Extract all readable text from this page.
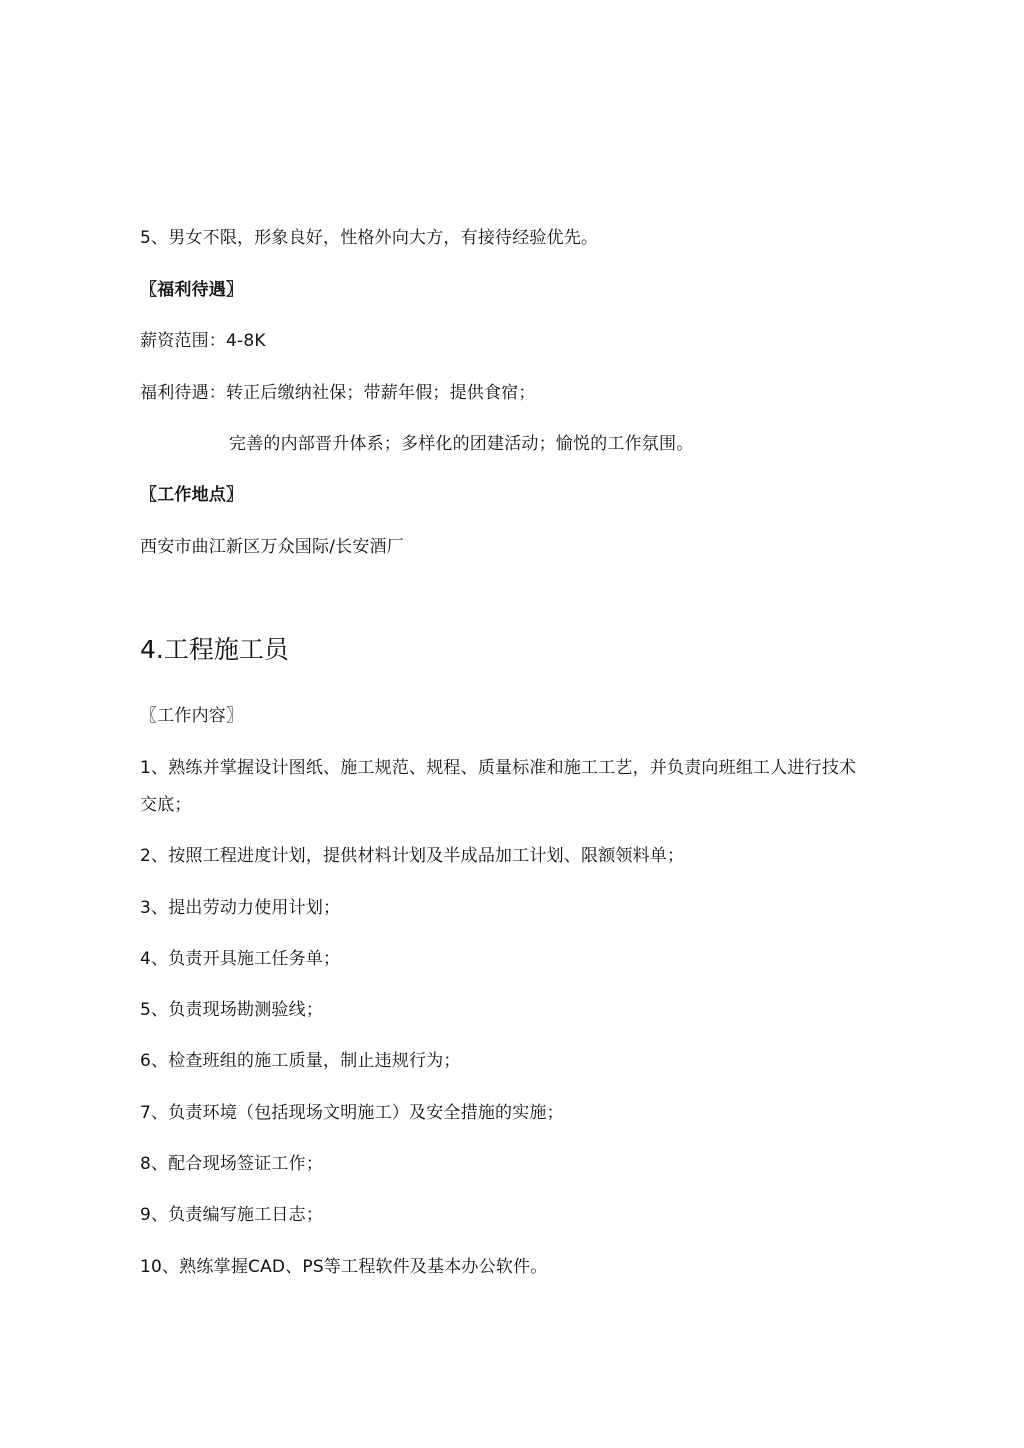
5、男女不限，形象良好，性格外向大方，有接待经验优先。
〖福利待遇〗
薪资范围：4-8K
福利待遇：转正后缴纳社保；带薪年假；提供食宿；
完善的内部晋升体系；多样化的团建活动；愉悦的工作氛围。
〖工作地点〗
西安市曲江新区万众国际/长安酒厂
4.工程施工员
〖工作内容〗
1、熟练并掌握设计图纸、施工规范、规程、质量标准和施工工艺，并负责向班组工人进行技术
交底；
2、按照工程进度计划，提供材料计划及半成品加工计划、限额领料单；
3、提出劳动力使用计划；
4、负责开具施工任务单；
5、负责现场勘测验线；
6、检查班组的施工质量，制止违规行为；
7、负责环境（包括现场文明施工）及安全措施的实施；
8、配合现场签证工作；
9、负责编写施工日志；
10、熟练掌握CAD、PS等工程软件及基本办公软件。
